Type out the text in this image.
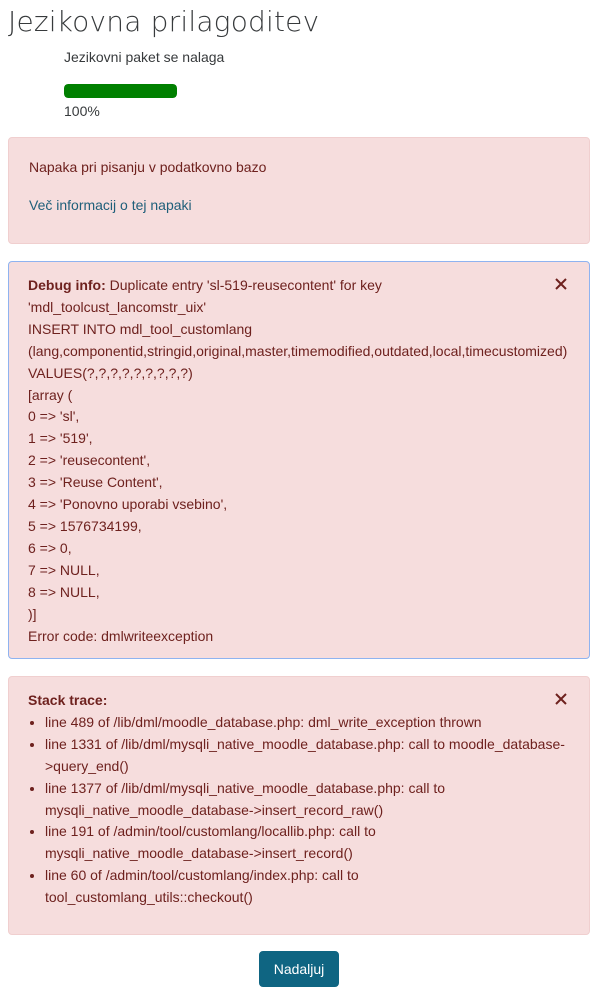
Jezikovna prilagoditev
Jezikovni paket se nalaga
100%

Napaka pri pisanju v podatkovno bazo

Več informacij o tej napaki

Debug info: Duplicate entry 'sl-519-reusecontent' for key
'mdl_toolcust_lancomstr_uix'
INSERT INTO mdl_tool_customlang
(lang,componentid,stringid,original,master,timemodified,outdated,local,timecustomized)
VALUES(?,?,?,?,?,?,?,?,?)
[array (
0 => 'sl',
1 => '519',
2 => 'reusecontent',
3 => 'Reuse Content',
4 => 'Ponovno uporabi vsebino',
5 => 1576734199,
6 => 0,
7 => NULL,
8 => NULL,
)]
Error code: dmlwriteexception
Stack trace:
• line 489 of /lib/dml/moodle_database.php: dml_write_exception thrown
• line 1331 of /lib/dml/mysqli_native_moodle_database.php: call to moodle_database->query_end()
• line 1377 of /lib/dml/mysqli_native_moodle_database.php: call to mysqli_native_moodle_database->insert_record_raw()
• line 191 of /admin/tool/customlang/locallib.php: call to mysqli_native_moodle_database->insert_record()
• line 60 of /admin/tool/customlang/index.php: call to tool_customlang_utils::checkout()
Nadaljuj
